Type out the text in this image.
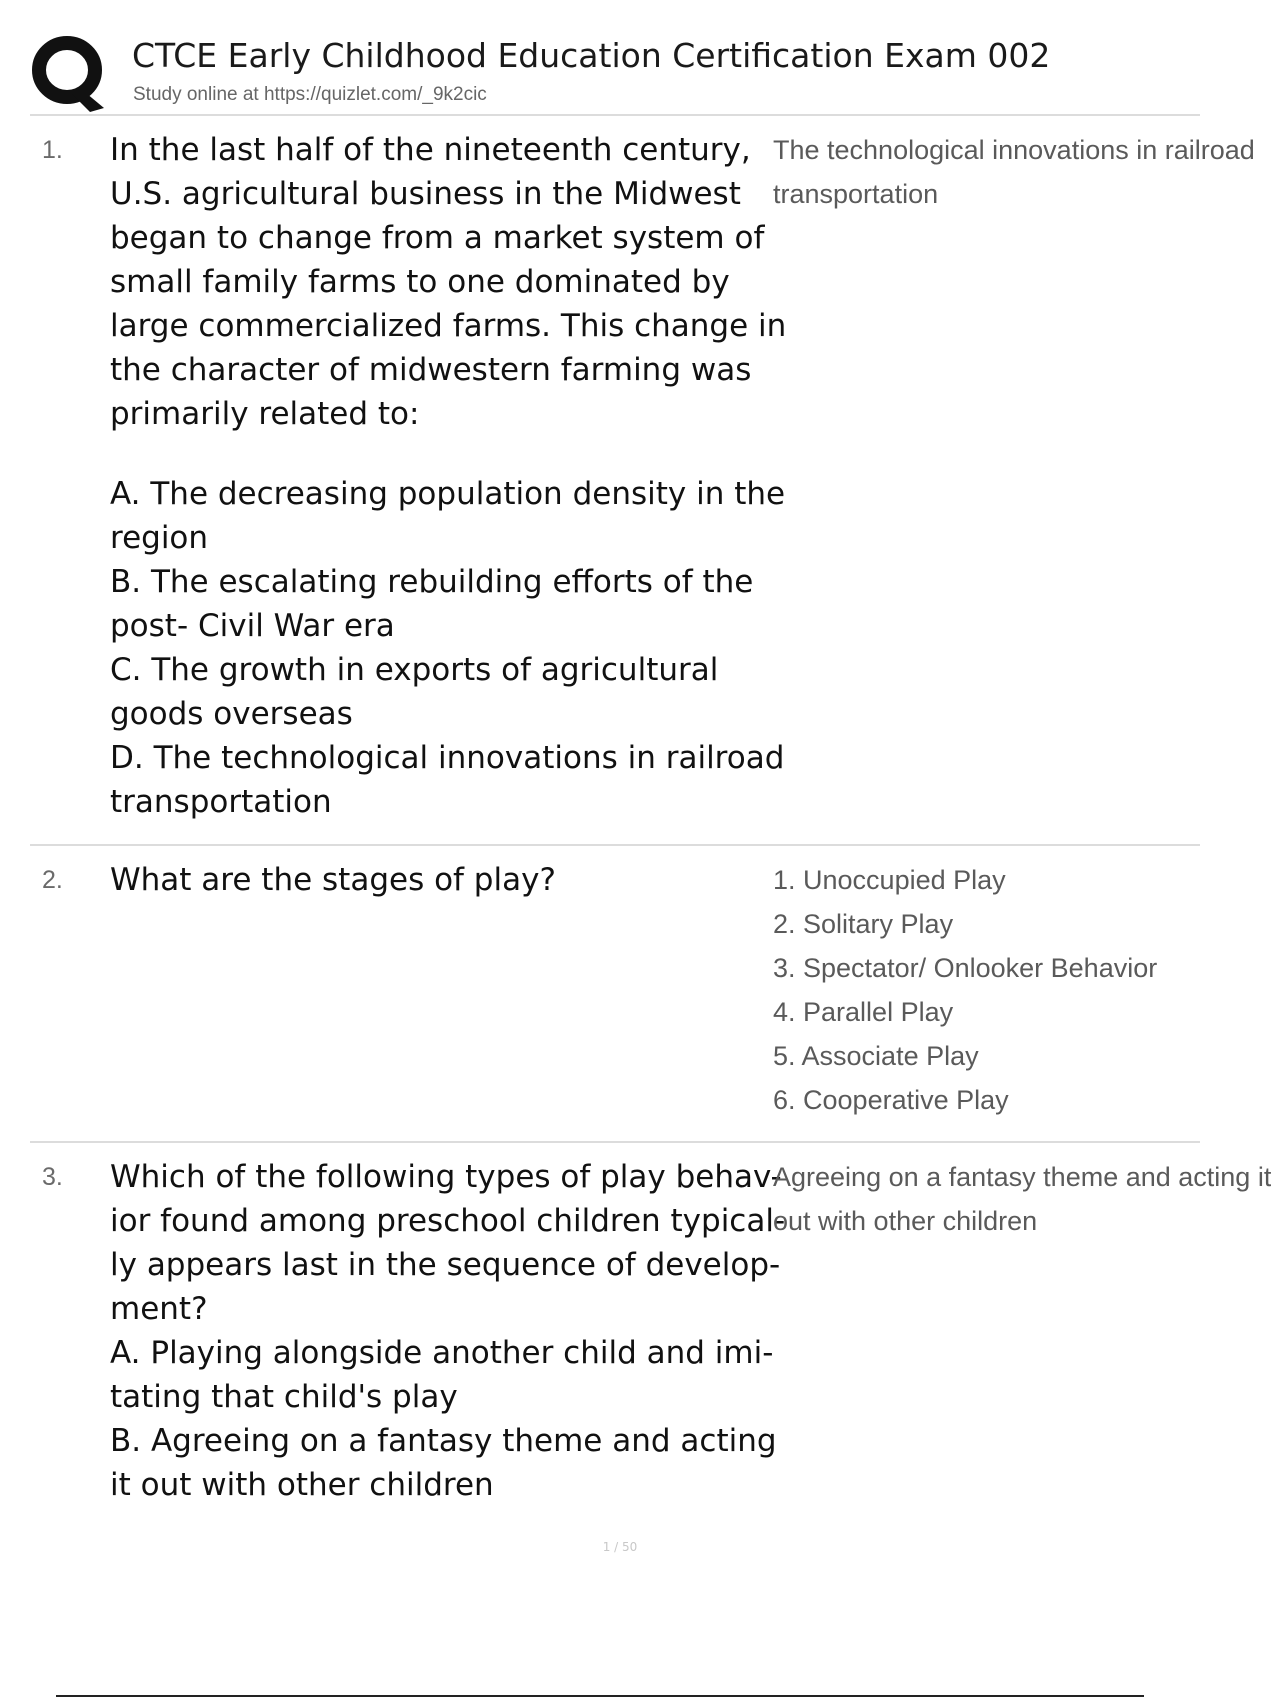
CTCE Early Childhood Education Certification Exam 002
Study online at https://quizlet.com/_9k2cic
1. In the last half of the nineteenth century, U.S. agricultural business in the Midwest began to change from a market system of small family farms to one dominated by large commercialized farms. This change in the character of midwestern farming was primarily related to:

A. The decreasing population density in the region

B. The escalating rebuilding efforts of the post- Civil War era

C. The growth in exports of agricultural goods overseas

D. The technological innovations in railroad transportation

The technological innovations in railroad

transportation

2. What are the stages of play?	1. Unoccupied Play

2. Solitary Play

3. Spectator/ Onlooker Behavior

4. Parallel Play

5. Associate Play

6. Cooperative Play

3. Which of the following types of play behav-

ior found among preschool children typical-

ly appears last in the sequence of develop-

ment?

A. Playing alongside another child and imi- tating that child's play

B. Agreeing on a fantasy theme and acting it out with other children

Agreeing on a fantasy theme and acting it

out with other children

1 / 50
